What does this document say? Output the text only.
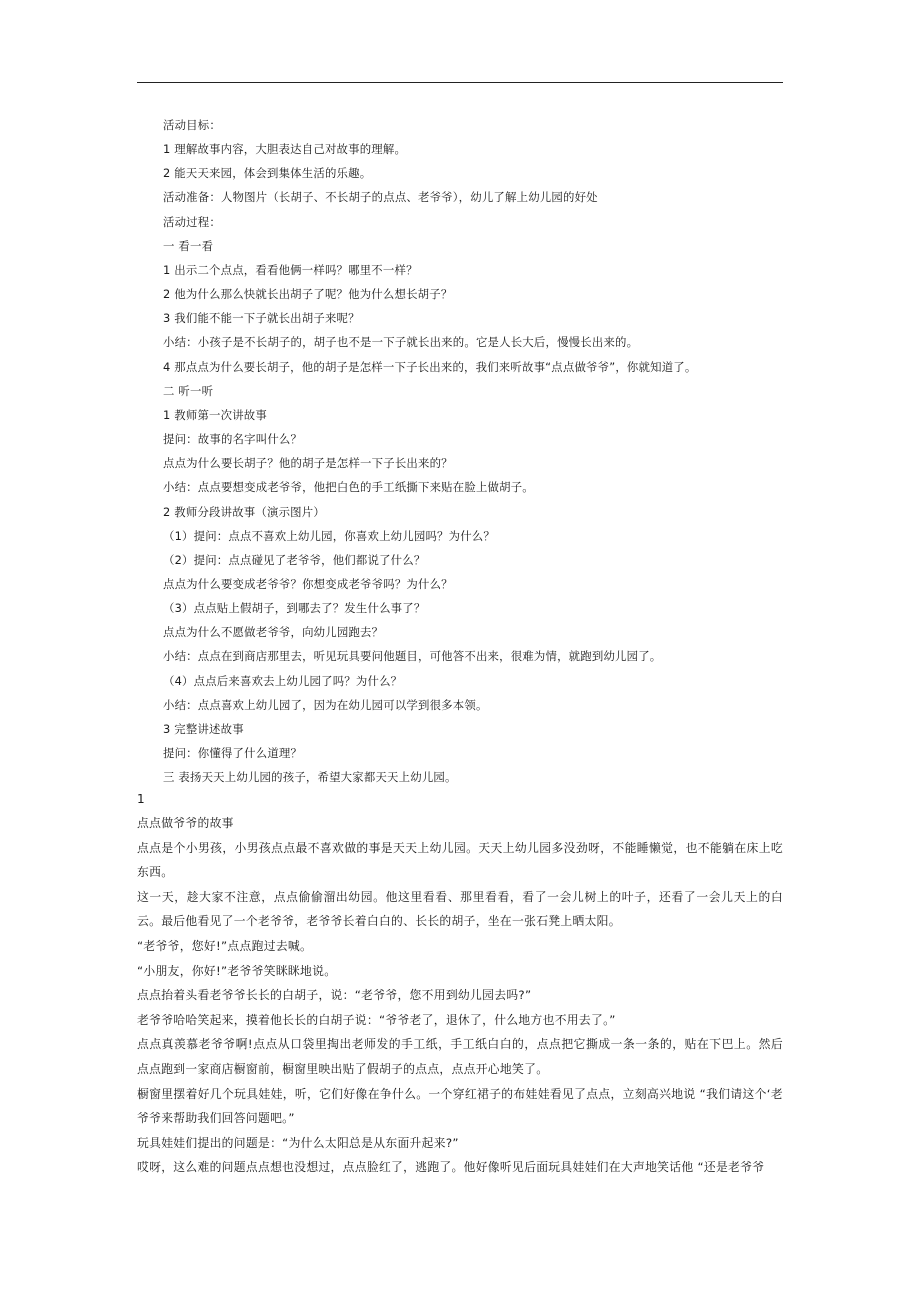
活动目标：

1 理解故事内容，大胆表达自己对故事的理解。

2 能天天来园，体会到集体生活的乐趣。

活动准备：人物图片（长胡子、不长胡子的点点、老爷爷），幼儿了解上幼儿园的好处

活动过程：

一 看一看

1 出示二个点点，看看他俩一样吗？哪里不一样？

2 他为什么那么快就长出胡子了呢？他为什么想长胡子？

3 我们能不能一下子就长出胡子来呢？

小结：小孩子是不长胡子的，胡子也不是一下子就长出来的。它是人长大后，慢慢长出来的。

4 那点点为什么要长胡子，他的胡子是怎样一下子长出来的，我们来听故事“点点做爷爷”，你就知道了。

二 听一听

1 教师第一次讲故事

提问：故事的名字叫什么？

点点为什么要长胡子？他的胡子是怎样一下子长出来的？

小结：点点要想变成老爷爷，他把白色的手工纸撕下来贴在脸上做胡子。

2 教师分段讲故事（演示图片）

（1）提问：点点不喜欢上幼儿园，你喜欢上幼儿园吗？为什么？

（2）提问：点点碰见了老爷爷，他们都说了什么？

点点为什么要变成老爷爷？你想变成老爷爷吗？为什么？

（3）点点贴上假胡子，到哪去了？发生什么事了？

点点为什么不愿做老爷爷，向幼儿园跑去？

小结：点点在到商店那里去，听见玩具要问他题目，可他答不出来，很难为情，就跑到幼儿园了。

（4）点点后来喜欢去上幼儿园了吗？为什么？

小结：点点喜欢上幼儿园了，因为在幼儿园可以学到很多本领。

3 完整讲述故事

提问：你懂得了什么道理？

三 表扬天天上幼儿园的孩子，希望大家都天天上幼儿园。

1

点点做爷爷的故事

点点是个小男孩，小男孩点点最不喜欢做的事是天天上幼儿园。天天上幼儿园多没劲呀，不能睡懒觉，也不能躺在床上吃东西。

这一天，趁大家不注意，点点偷偷溜出幼园。他这里看看、那里看看，看了一会儿树上的叶子，还看了一会儿天上的白云。最后他看见了一个老爷爷，老爷爷长着白白的、长长的胡子，坐在一张石凳上晒太阳。

“老爷爷，您好!”点点跑过去喊。

“小朋友，你好!”老爷爷笑眯眯地说。

点点抬着头看老爷爷长长的白胡子，说：“老爷爷，您不用到幼儿园去吗?”

老爷爷哈哈笑起来，摸着他长长的白胡子说：“爷爷老了，退休了，什么地方也不用去了。”

点点真羡慕老爷爷啊!点点从口袋里掏出老师发的手工纸，手工纸白白的，点点把它撕成一条一条的，贴在下巴上。然后点点跑到一家商店橱窗前，橱窗里映出贴了假胡子的点点，点点开心地笑了。

橱窗里摆着好几个玩具娃娃，听，它们好像在争什么。一个穿红裙子的布娃娃看见了点点，立刻高兴地说 “我们请这个‘老爷爷来帮助我们回答问题吧。”

玩具娃娃们提出的问题是：“为什么太阳总是从东面升起来?”

哎呀，这么难的问题点点想也没想过，点点脸红了，逃跑了。他好像听见后面玩具娃娃们在大声地笑话他 “还是老爷爷
